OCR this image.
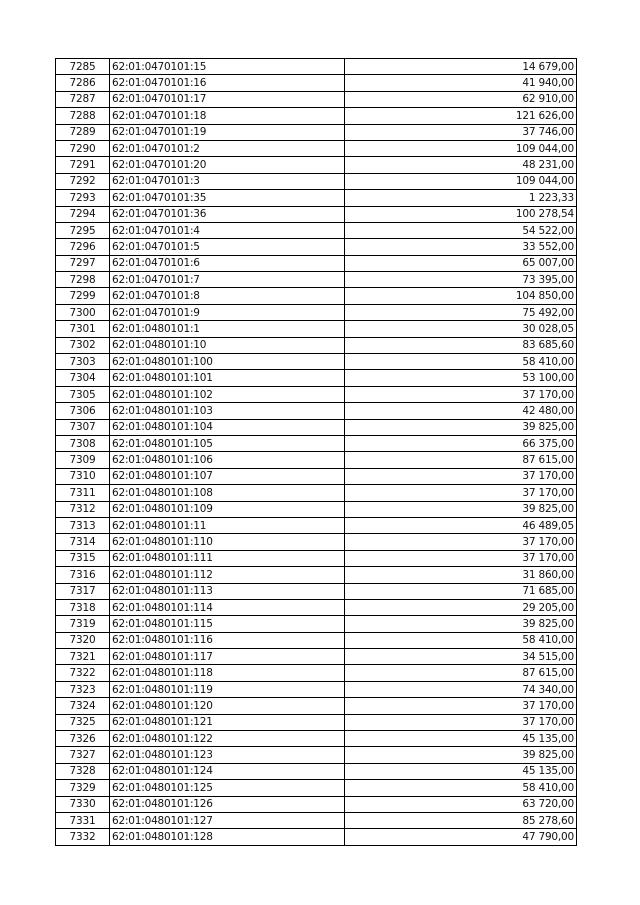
7285	62:01:0470101:15	14 679,00
7286	62:01:0470101:16	41 940,00
7287	62:01:0470101:17	62 910,00
7288	62:01:0470101:18	121 626,00
7289	62:01:0470101:19	37 746,00
7290	62:01:0470101:2	109 044,00
7291	62:01:0470101:20	48 231,00
7292	62:01:0470101:3	109 044,00
7293	62:01:0470101:35	1 223,33
7294	62:01:0470101:36	100 278,54
7295	62:01:0470101:4	54 522,00
7296	62:01:0470101:5	33 552,00
7297	62:01:0470101:6	65 007,00
7298	62:01:0470101:7	73 395,00
7299	62:01:0470101:8	104 850,00
7300	62:01:0470101:9	75 492,00
7301	62:01:0480101:1	30 028,05
7302	62:01:0480101:10	83 685,60
7303	62:01:0480101:100	58 410,00
7304	62:01:0480101:101	53 100,00
7305	62:01:0480101:102	37 170,00
7306	62:01:0480101:103	42 480,00
7307	62:01:0480101:104	39 825,00
7308	62:01:0480101:105	66 375,00
7309	62:01:0480101:106	87 615,00
7310	62:01:0480101:107	37 170,00
7311	62:01:0480101:108	37 170,00
7312	62:01:0480101:109	39 825,00
7313	62:01:0480101:11	46 489,05
7314	62:01:0480101:110	37 170,00
7315	62:01:0480101:111	37 170,00
7316	62:01:0480101:112	31 860,00
7317	62:01:0480101:113	71 685,00
7318	62:01:0480101:114	29 205,00
7319	62:01:0480101:115	39 825,00
7320	62:01:0480101:116	58 410,00
7321	62:01:0480101:117	34 515,00
7322	62:01:0480101:118	87 615,00
7323	62:01:0480101:119	74 340,00
7324	62:01:0480101:120	37 170,00
7325	62:01:0480101:121	37 170,00
7326	62:01:0480101:122	45 135,00
7327	62:01:0480101:123	39 825,00
7328	62:01:0480101:124	45 135,00
7329	62:01:0480101:125	58 410,00
7330	62:01:0480101:126	63 720,00
7331	62:01:0480101:127	85 278,60
7332	62:01:0480101:128	47 790,00
